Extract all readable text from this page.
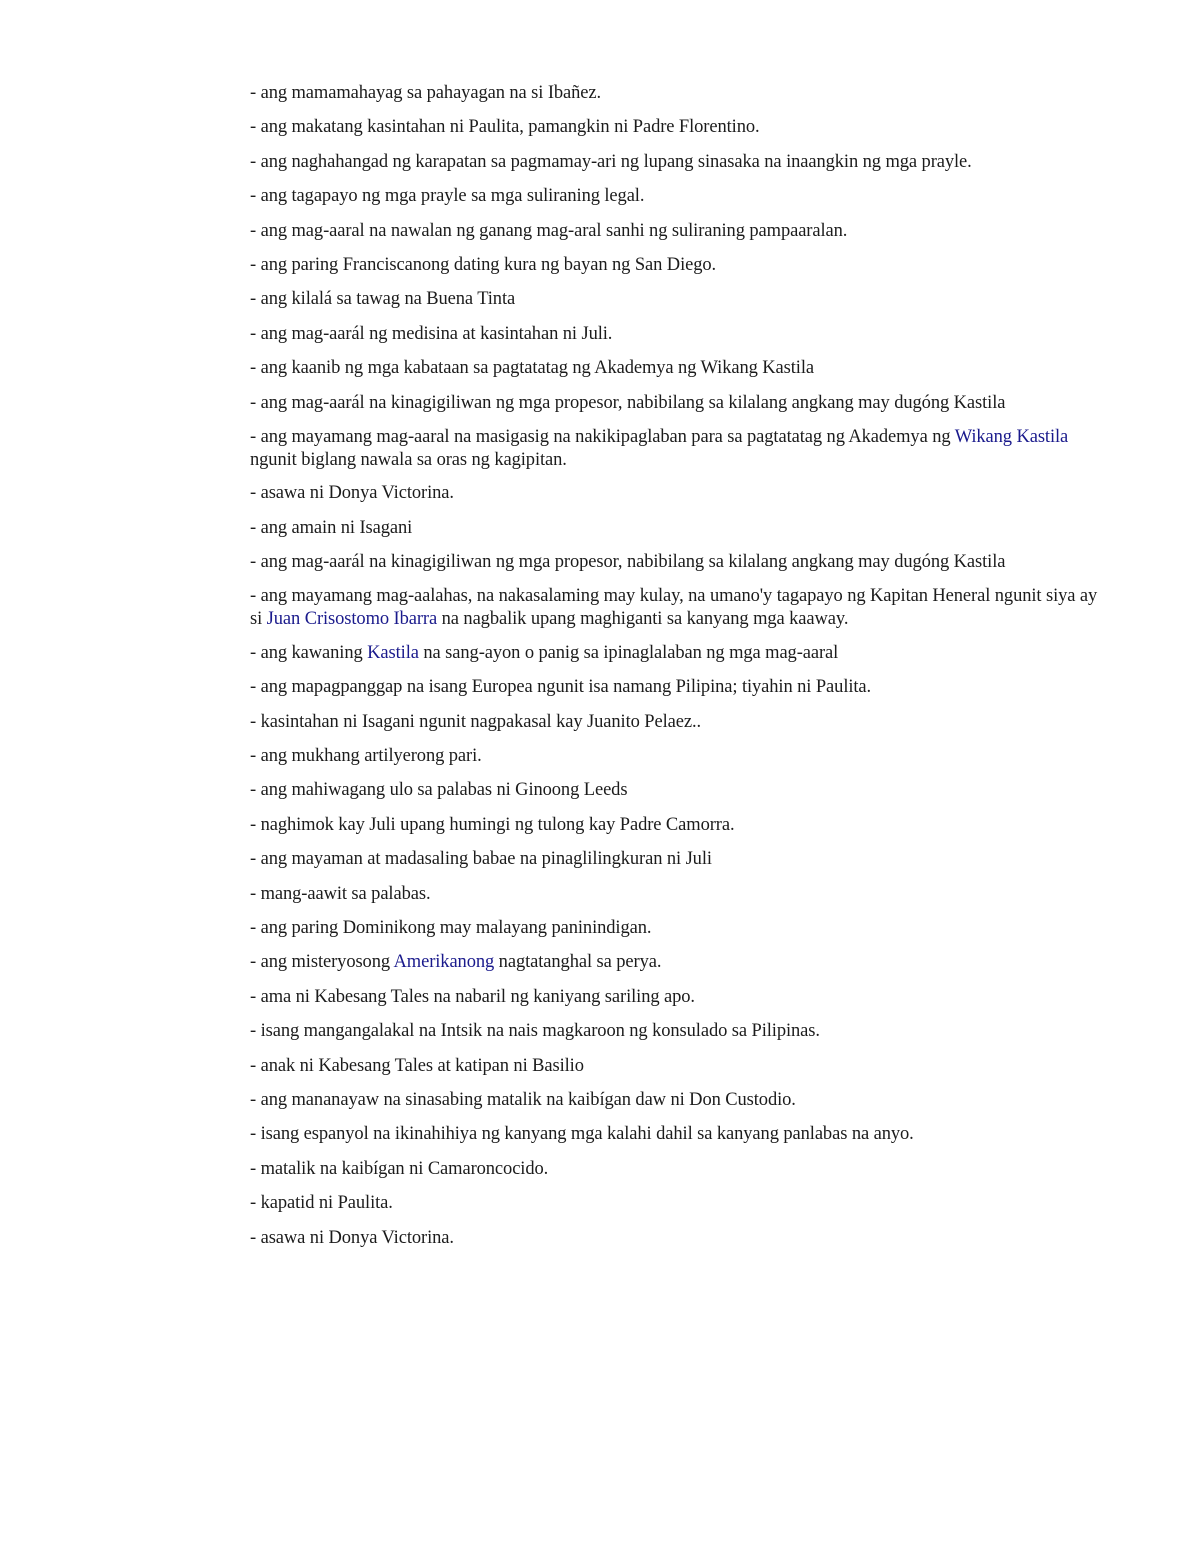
- ang mamamahayag sa pahayagan na si Ibañez.
- ang makatang kasintahan ni Paulita, pamangkin ni Padre Florentino.
- ang naghahangad ng karapatan sa pagmamay-ari ng lupang sinasaka na inaangkin ng mga prayle.
- ang tagapayo ng mga prayle sa mga suliraning legal.
- ang mag-aaral na nawalan ng ganang mag-aral sanhi ng suliraning pampaaralan.
- ang paring Franciscanong dating kura ng bayan ng San Diego.
- ang kilalá sa tawag na Buena Tinta
- ang mag-aarál ng medisina at kasintahan ni Juli.
- ang kaanib ng mga kabataan sa pagtatatag ng Akademya ng Wikang Kastila
- ang mag-aarál na kinagigiliwan ng mga propesor, nabibilang sa kilalang angkang may dugóng Kastila
- ang mayamang mag-aaral na masigasig na nakikipaglaban para sa pagtatatag ng Akademya ng Wikang Kastila ngunit biglang nawala sa oras ng kagipitan.
- asawa ni Donya Victorina.
- ang amain ni Isagani
- ang mag-aarál na kinagigiliwan ng mga propesor, nabibilang sa kilalang angkang may dugóng Kastila
- ang mayamang mag-aalahas, na nakasalaming may kulay, na umano'y tagapayo ng Kapitan Heneral ngunit siya ay si Juan Crisostomo Ibarra na nagbalik upang maghiganti sa kanyang mga kaaway.
- ang kawaning Kastila na sang-ayon o panig sa ipinaglalaban ng mga mag-aaral
- ang mapagpanggap na isang Europea ngunit isa namang Pilipina; tiyahin ni Paulita.
- kasintahan ni Isagani ngunit nagpakasal kay Juanito Pelaez..
- ang mukhang artilyerong pari.
- ang mahiwagang ulo sa palabas ni Ginoong Leeds
- naghimok kay Juli upang humingi ng tulong kay Padre Camorra.
- ang mayaman at madasaling babae na pinaglilingkuran ni Juli
- mang-aawit sa palabas.
- ang paring Dominikong may malayang paninindigan.
- ang misteryosong Amerikanong nagtatanghal sa perya.
- ama ni Kabesang Tales na nabaril ng kaniyang sariling apo.
- isang mangangalakal na Intsik na nais magkaroon ng konsulado sa Pilipinas.
- anak ni Kabesang Tales at katipan ni Basilio
- ang mananayaw na sinasabing matalik na kaibígan daw ni Don Custodio.
- isang espanyol na ikinahihiya ng kanyang mga kalahi dahil sa kanyang panlabas na anyo.
- matalik na kaibígan ni Camaroncocido.
- kapatid ni Paulita.
- asawa ni Donya Victorina.
